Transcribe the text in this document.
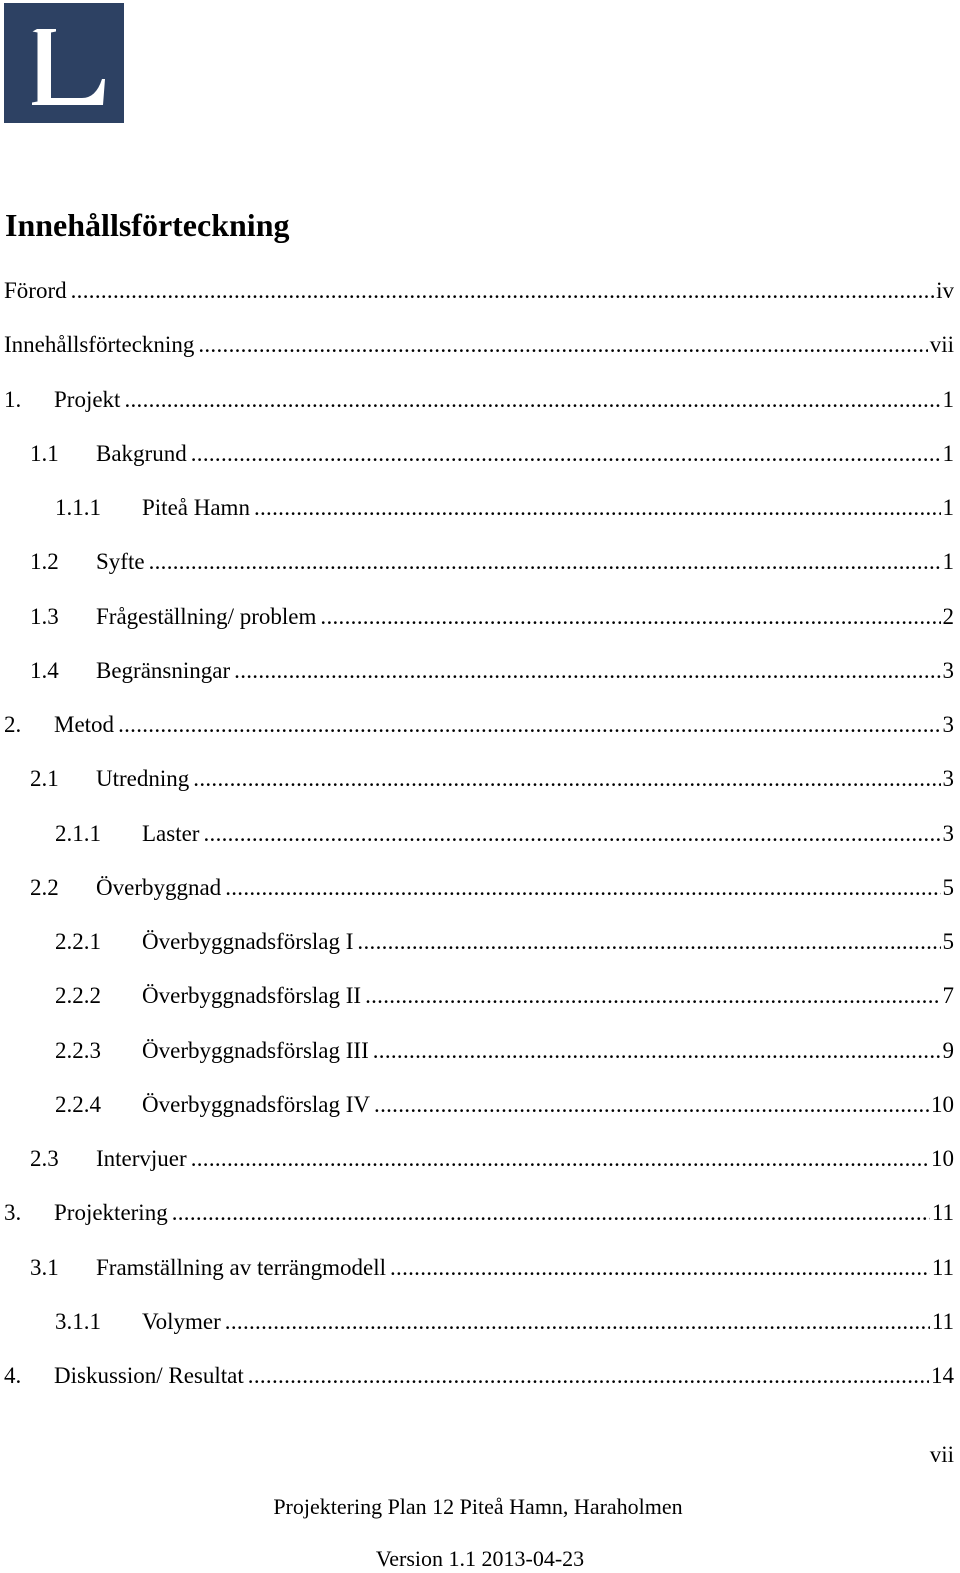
Innehållsförteckning
Förord .....	iv
Innehållsförteckning .....	vii
1.	Projekt .....	1
1.1	Bakgrund .....	1
1.1.1	Piteå Hamn .....	1
1.2	Syfte .....	1
1.3	Frågeställning/ problem .....	2
1.4	Begränsningar .....	3
2.	Metod .....	3
2.1	Utredning .....	3
2.1.1	Laster .....	3
2.2	Överbyggnad .....	5
2.2.1	Överbyggnadsförslag I .....	5
2.2.2	Överbyggnadsförslag II .....	7
2.2.3	Överbyggnadsförslag III .....	9
2.2.4	Överbyggnadsförslag IV .....	10
2.3	Intervjuer .....	10
3.	Projektering .....	11
3.1	Framställning av terrängmodell .....	11
3.1.1	Volymer .....	11
4.	Diskussion/ Resultat .....	14
vii
Projektering Plan 12 Piteå Hamn, Haraholmen
Version 1.1 2013-04-23
